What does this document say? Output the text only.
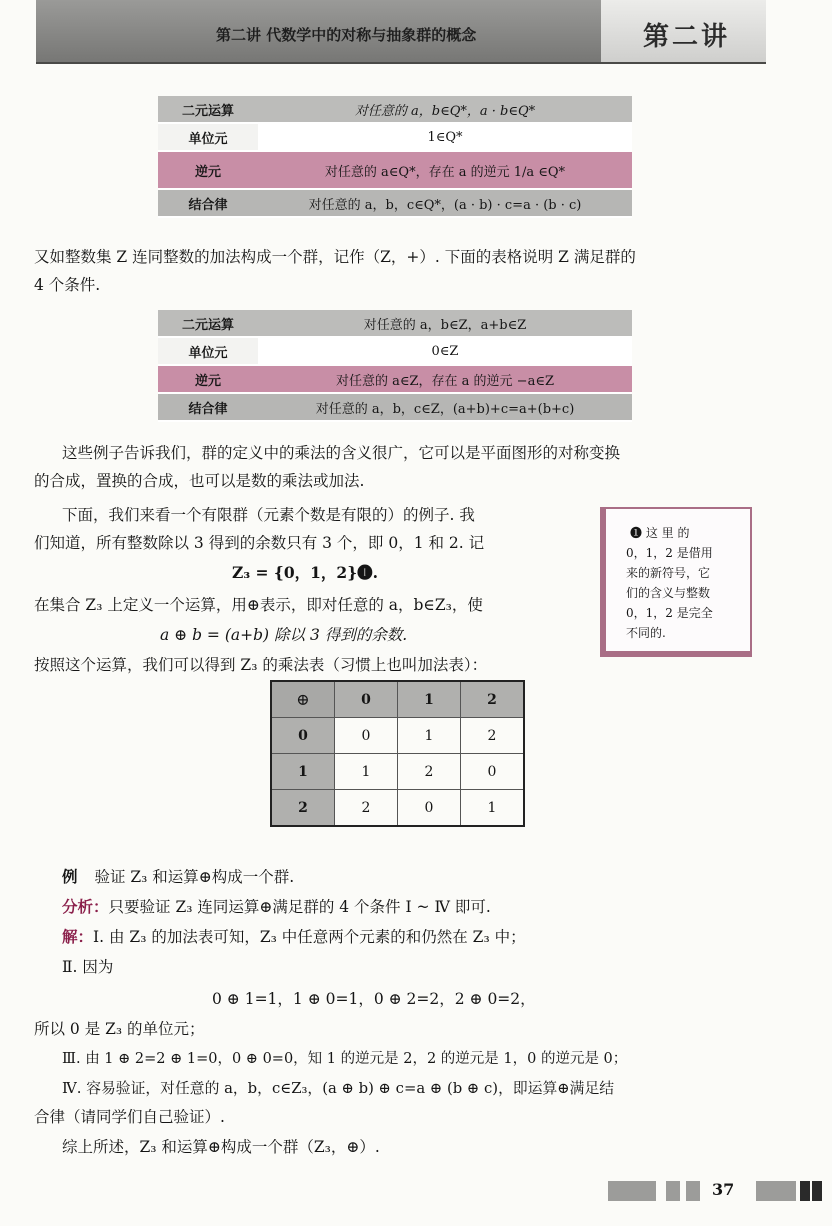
第二讲 代数学中的对称与抽象群的概念	第二讲
二元运算	对任意的 a，b∈Q*，a · b∈Q*
单位元	1∈Q*
逆元	对任意的 a∈Q*，存在 a 的逆元 1/a ∈Q*
结合律	对任意的 a，b，c∈Q*，(a · b) · c=a · (b · c)
又如整数集 Z 连同整数的加法构成一个群，记作（Z，+）. 下面的表格说明 Z 满足群的
4 个条件.
二元运算	对任意的 a，b∈Z，a+b∈Z
单位元	0∈Z
逆元	对任意的 a∈Z，存在 a 的逆元 −a∈Z
结合律	对任意的 a，b，c∈Z，(a+b)+c=a+(b+c)
这些例子告诉我们，群的定义中的乘法的含义很广，它可以是平面图形的对称变换
的合成，置换的合成，也可以是数的乘法或加法.
下面，我们来看一个有限群（元素个数是有限的）的例子. 我
们知道，所有整数除以 3 得到的余数只有 3 个，即 0，1 和 2. 记
Z₃ = {0，1，2}❶.
在集合 Z₃ 上定义一个运算，用⊕表示，即对任意的 a，b∈Z₃，使
a ⊕ b = (a+b) 除以 3 得到的余数.
按照这个运算，我们可以得到 Z₃ 的乘法表（习惯上也叫加法表）：
❶ 这 里 的
0，1，2 是借用
来的新符号，它
们的含义与整数
0，1，2 是完全
不同的.
⊕	0	1	2
0	0	1	2
1	1	2	0
2	2	0	1
例 验证 Z₃ 和运算⊕构成一个群.
分析：只要验证 Z₃ 连同运算⊕满足群的 4 个条件 Ⅰ ~ Ⅳ 即可.
解：Ⅰ. 由 Z₃ 的加法表可知，Z₃ 中任意两个元素的和仍然在 Z₃ 中；
Ⅱ. 因为
0 ⊕ 1=1，1 ⊕ 0=1，0 ⊕ 2=2，2 ⊕ 0=2，
所以 0 是 Z₃ 的单位元；
Ⅲ. 由 1 ⊕ 2=2 ⊕ 1=0，0 ⊕ 0=0，知 1 的逆元是 2，2 的逆元是 1，0 的逆元是 0；
Ⅳ. 容易验证，对任意的 a，b，c∈Z₃，(a ⊕ b) ⊕ c=a ⊕ (b ⊕ c)，即运算⊕满足结
合律（请同学们自己验证）.
综上所述，Z₃ 和运算⊕构成一个群（Z₃，⊕）.
37
